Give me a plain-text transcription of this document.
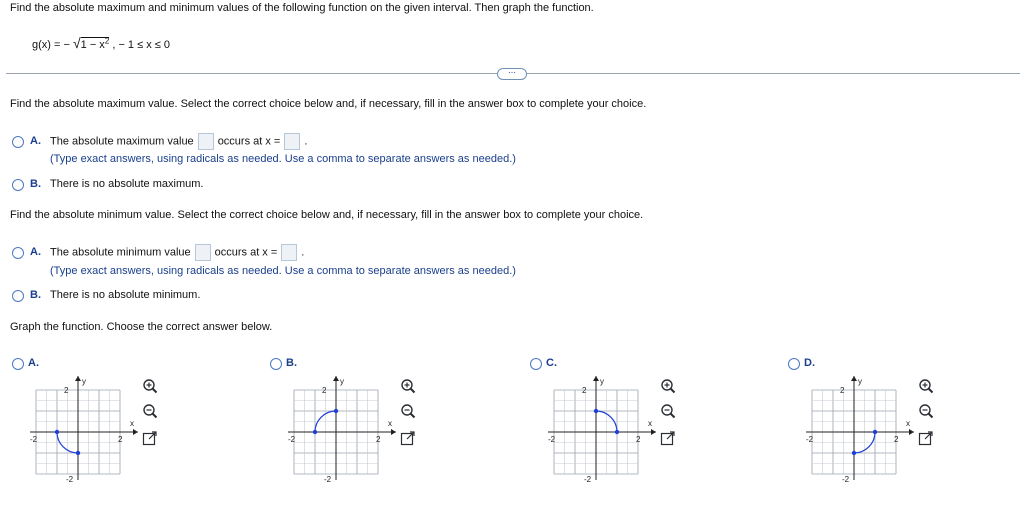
Find the absolute maximum and minimum values of the following function on the given interval. Then graph the function.
g(x) = − $√1 - x^2$ , − 1 ≤ x ≤ 0
⋯
Find the absolute maximum value. Select the correct choice below and, if necessary, fill in the answer box to complete your choice.
A. The absolute maximum value occurs at x = .
(Type exact answers, using radicals as needed. Use a comma to separate answers as needed.)
B. There is no absolute maximum.
Find the absolute minimum value. Select the correct choice below and, if necessary, fill in the answer box to complete your choice.
A. The absolute minimum value occurs at x = .
(Type exact answers, using radicals as needed. Use a comma to separate answers as needed.)
B. There is no absolute minimum.
Graph the function. Choose the correct answer below.
A.
y
x
2
-2
-2	2
B.
y
x
2
-2
-2	2
C.
y
x
2
-2
-2	2
D.
y
x
2
-2
-2	2
